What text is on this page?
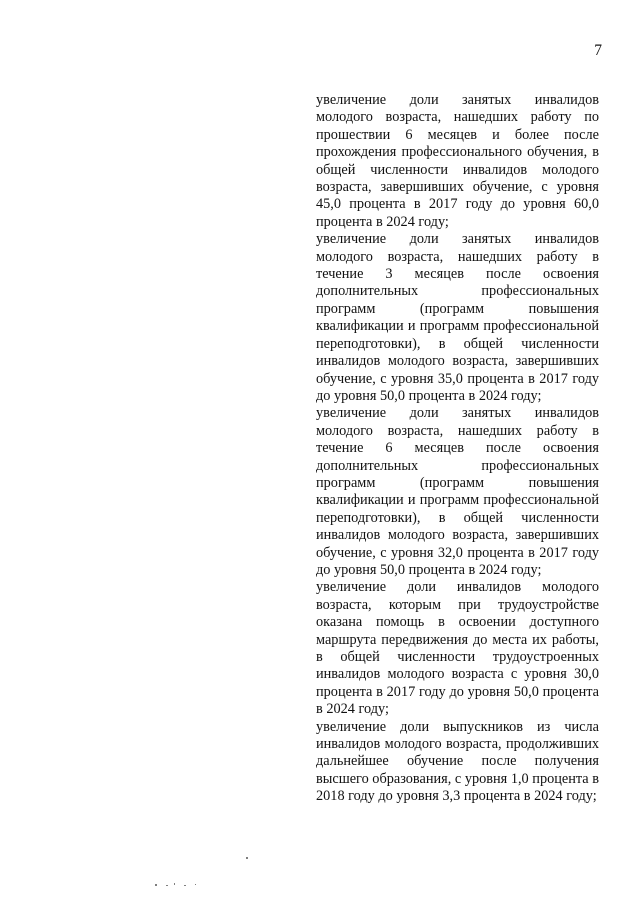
7

увеличение доли занятых инвалидов молодого возраста, нашедших работу по прошествии 6 месяцев и более после прохождения профессионального обучения, в общей численности инвалидов молодого возраста, завершивших обучение, с уровня 45,0 процента в 2017 году до уровня 60,0 процента в 2024 году;

увеличение доли занятых инвалидов молодого возраста, нашедших работу в течение 3 месяцев после освоения дополнительных профессиональных программ (программ повышения квалификации и программ профессиональной переподготовки), в общей численности инвалидов молодого возраста, завершивших обучение, с уровня 35,0 процента в 2017 году до уровня 50,0 процента в 2024 году;

увеличение доли занятых инвалидов молодого возраста, нашедших работу в течение 6 месяцев после освоения дополнительных профессиональных программ (программ повышения квалификации и программ профессиональной переподготовки), в общей численности инвалидов молодого возраста, завершивших обучение, с уровня 32,0 процента в 2017 году до уровня 50,0 процента в 2024 году;

увеличение доли инвалидов молодого возраста, которым при трудоустройстве оказана помощь в освоении доступного маршрута передвижения до места их работы, в общей численности трудоустроенных инвалидов молодого возраста с уровня 30,0 процента в 2017 году до уровня 50,0 процента в 2024 году;

увеличение доли выпускников из числа инвалидов молодого возраста, продолживших дальнейшее обучение после получения высшего образования, с уровня 1,0 процента в 2018 году до уровня 3,3 процента в 2024 году;
